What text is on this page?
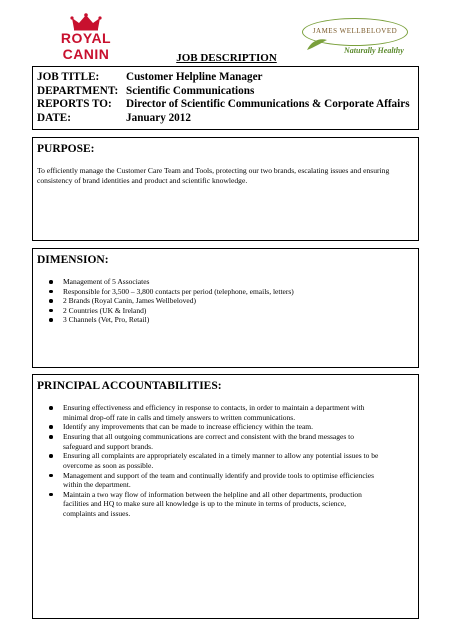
ROYAL CANIN
JAMES WELLBELOVED
Naturally Healthy
JOB DESCRIPTION
JOB TITLE:	Customer Helpline Manager
DEPARTMENT: Scientific Communications
REPORTS TO:	Director of Scientific Communications & Corporate Affairs
DATE:	January 2012
PURPOSE:

To efficiently manage the Customer Care Team and Tools, protecting our two brands, escalating issues and ensuring consistency of brand identities and product and scientific knowledge.

DIMENSION:
Management of 5 Associates
Responsible for 3,500 – 3,800 contacts per period (telephone, emails, letters)
2 Brands (Royal Canin, James Wellbeloved)
2 Countries (UK & Ireland)
3 Channels (Vet, Pro, Retail)
PRINCIPAL ACCOUNTABILITIES:
Ensuring effectiveness and efficiency in response to contacts, in order to maintain a department with minimal drop-off rate in calls and timely answers to written communications.
Identify any improvements that can be made to increase efficiency within the team.
Ensuring that all outgoing communications are correct and consistent with the brand messages to safeguard and support brands.
Ensuring all complaints are appropriately escalated in a timely manner to allow any potential issues to be overcome as soon as possible.
Management and support of the team and continually identify and provide tools to optimise efficiencies within the department.
Maintain a two way flow of information between the helpline and all other departments, production facilities and HQ to make sure all knowledge is up to the minute in terms of products, science, complaints and issues.
